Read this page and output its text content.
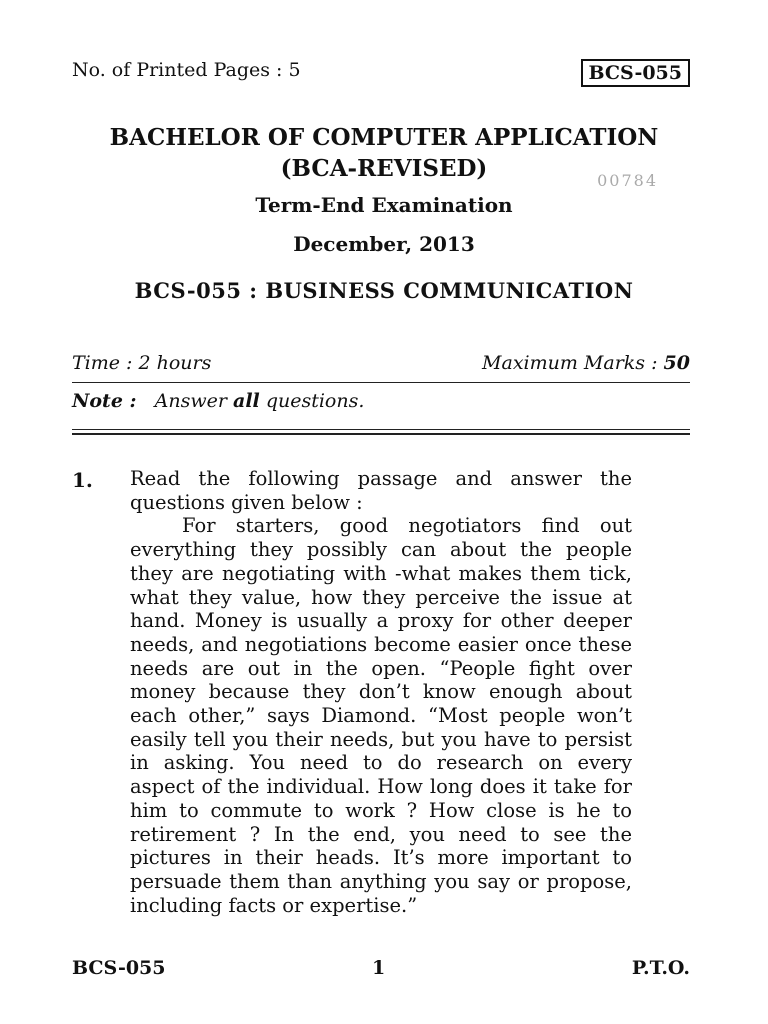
No. of Printed Pages : 5	BCS-055
BACHELOR OF COMPUTER APPLICATION
(BCA-REVISED)	00784
Term-End Examination
December, 2013
BCS-055 : BUSINESS COMMUNICATION
Time : 2 hours	Maximum Marks : 50
Note : Answer all questions.
1. Read the following passage and answer the questions given below :

For starters, good negotiators find out everything they possibly can about the people they are negotiating with -what makes them tick, what they value, how they perceive the issue at hand. Money is usually a proxy for other deeper needs, and negotiations become easier once these needs are out in the open. “People fight over money because they don’t know enough about each other,” says Diamond. “Most people won’t easily tell you their needs, but you have to persist in asking. You need to do research on every aspect of the individual. How long does it take for him to commute to work ? How close is he to retirement ? In the end, you need to see the pictures in their heads. It’s more important to persuade them than anything you say or propose, including facts or expertise.”

BCS-055	1	P.T.O.
